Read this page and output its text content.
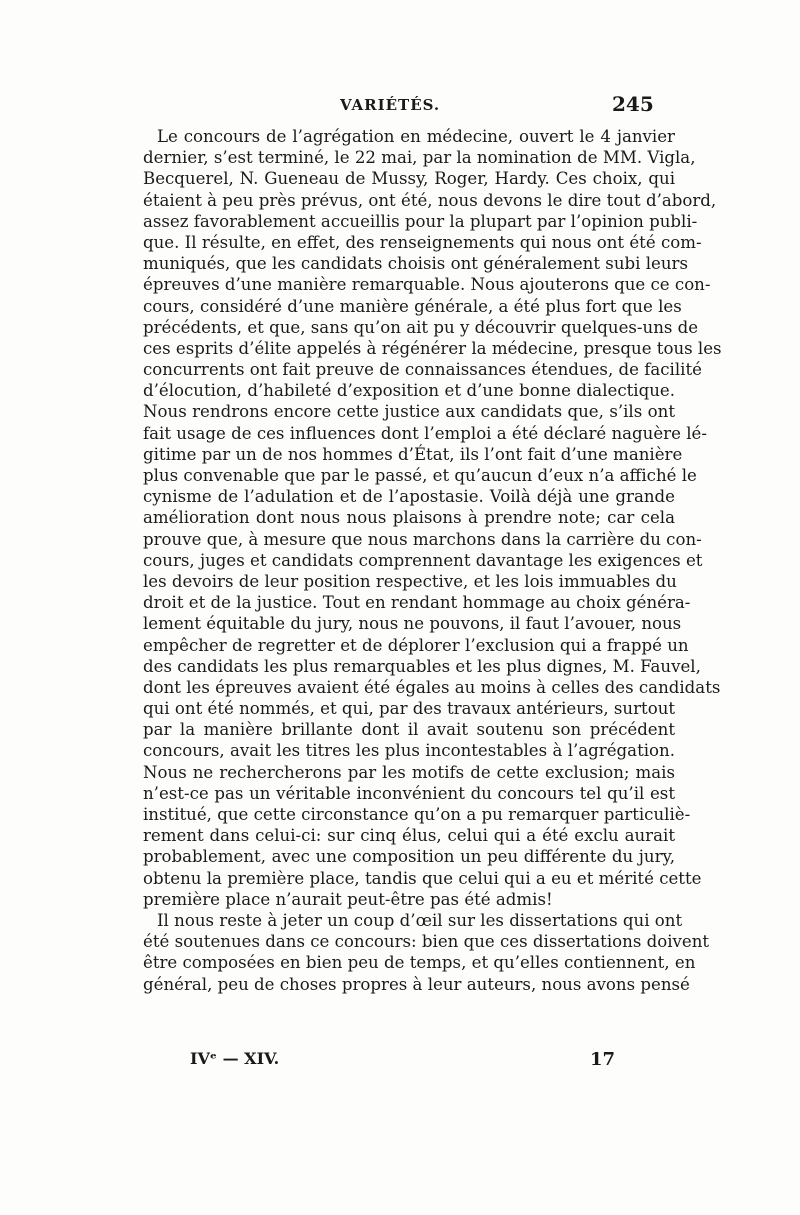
VARIÉTÉS.	245
Le concours de l’agrégation en médecine, ouvert le 4 janvier
dernier, s’est terminé, le 22 mai, par la nomination de MM. Vigla,
Becquerel, N. Gueneau de Mussy, Roger, Hardy. Ces choix, qui
étaient à peu près prévus, ont été, nous devons le dire tout d’abord,
assez favorablement accueillis pour la plupart par l’opinion publi-
que. Il résulte, en effet, des renseignements qui nous ont été com-
muniqués, que les candidats choisis ont généralement subi leurs
épreuves d’une manière remarquable. Nous ajouterons que ce con-
cours, considéré d’une manière générale, a été plus fort que les
précédents, et que, sans qu’on ait pu y découvrir quelques-uns de
ces esprits d’élite appelés à régénérer la médecine, presque tous les
concurrents ont fait preuve de connaissances étendues, de facilité
d’élocution, d’habileté d’exposition et d’une bonne dialectique.
Nous rendrons encore cette justice aux candidats que, s’ils ont
fait usage de ces influences dont l’emploi a été déclaré naguère lé-
gitime par un de nos hommes d’État, ils l’ont fait d’une manière
plus convenable que par le passé, et qu’aucun d’eux n’a affiché le
cynisme de l’adulation et de l’apostasie. Voilà déjà une grande
amélioration dont nous nous plaisons à prendre note; car cela
prouve que, à mesure que nous marchons dans la carrière du con-
cours, juges et candidats comprennent davantage les exigences et
les devoirs de leur position respective, et les lois immuables du
droit et de la justice. Tout en rendant hommage au choix généra-
lement équitable du jury, nous ne pouvons, il faut l’avouer, nous
empêcher de regretter et de déplorer l’exclusion qui a frappé un
des candidats les plus remarquables et les plus dignes, M. Fauvel,
dont les épreuves avaient été égales au moins à celles des candidats
qui ont été nommés, et qui, par des travaux antérieurs, surtout
par la manière brillante dont il avait soutenu son précédent
concours, avait les titres les plus incontestables à l’agrégation.
Nous ne rechercherons par les motifs de cette exclusion; mais
n’est-ce pas un véritable inconvénient du concours tel qu’il est
institué, que cette circonstance qu’on a pu remarquer particuliè-
rement dans celui-ci: sur cinq élus, celui qui a été exclu aurait
probablement, avec une composition un peu différente du jury,
obtenu la première place, tandis que celui qui a eu et mérité cette
première place n’aurait peut-être pas été admis!
Il nous reste à jeter un coup d’œil sur les dissertations qui ont
été soutenues dans ce concours: bien que ces dissertations doivent
être composées en bien peu de temps, et qu’elles contiennent, en
général, peu de choses propres à leur auteurs, nous avons pensé
IVᵉ — XIV.	17
